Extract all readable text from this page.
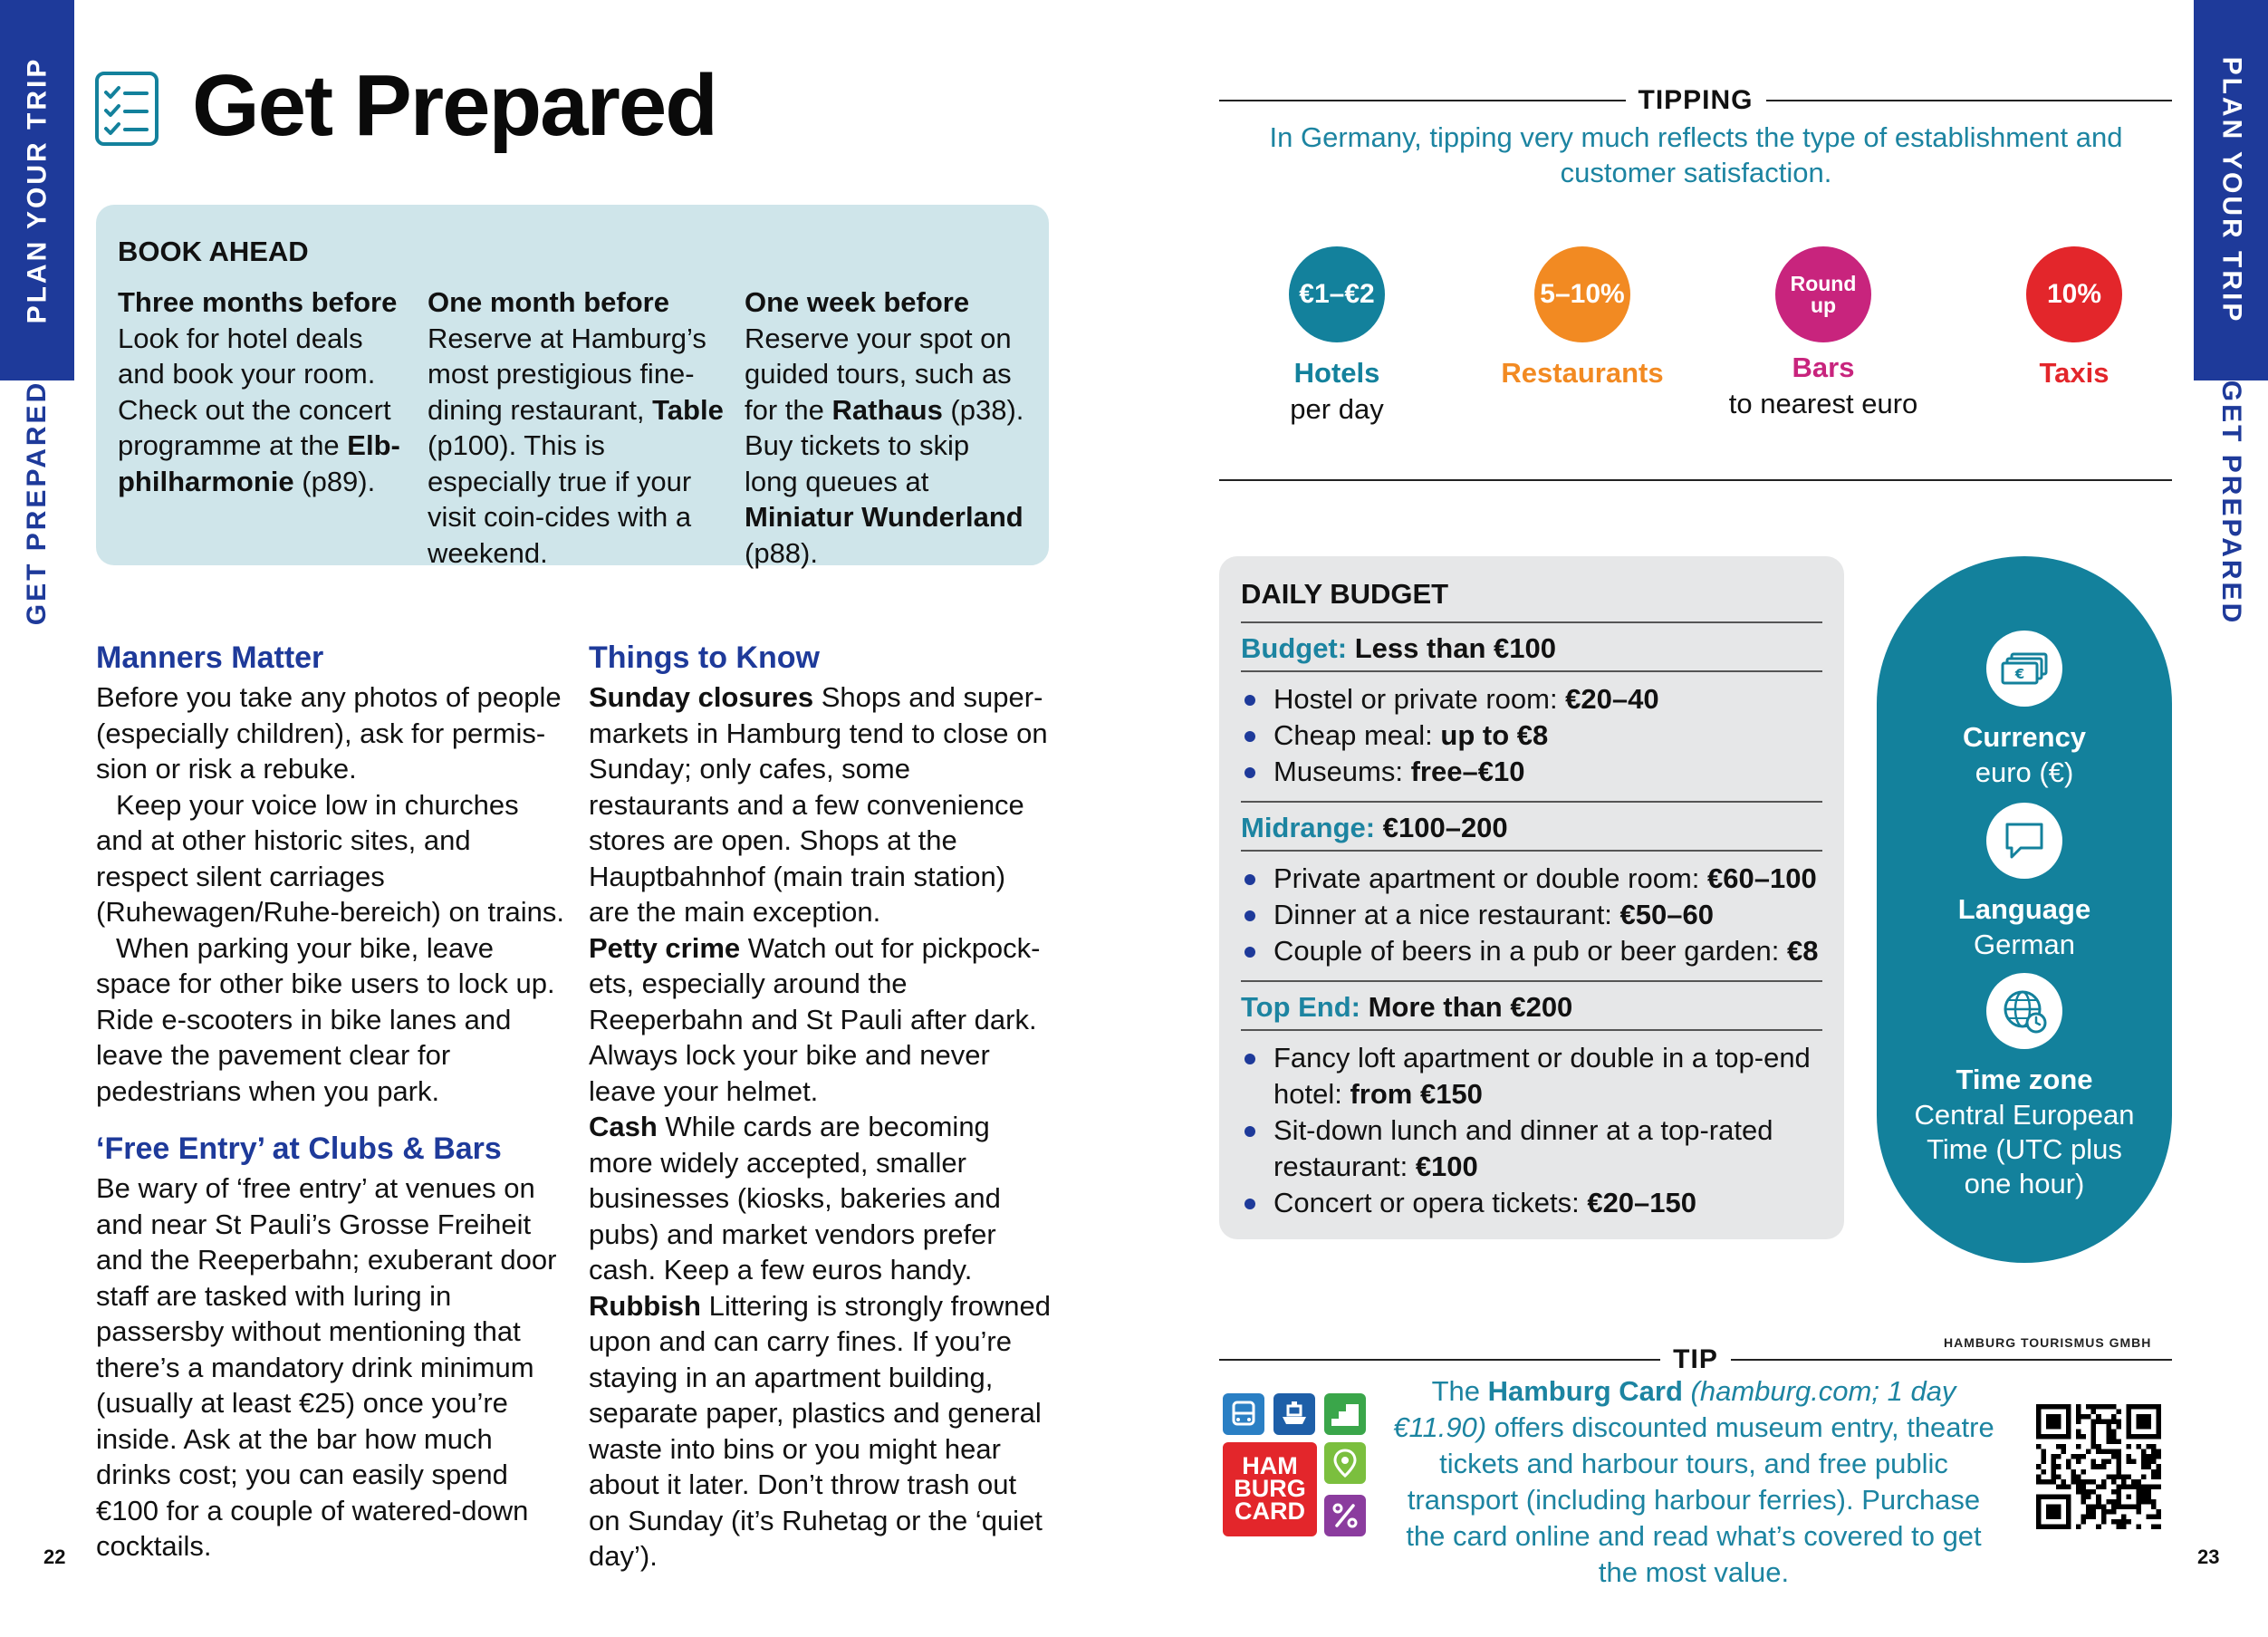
PLAN YOUR TRIP
GET PREPARED
PLAN YOUR TRIP
GET PREPARED
22	23
Get Prepared
BOOK AHEAD
Three months before
Look for hotel deals and book your room. Check out the concert programme at the Elb-philharmonie (p89).
One month before
Reserve at Hamburg’s most prestigious fine-dining restaurant, Table (p100). This is especially true if your visit coin-cides with a weekend.
One week before
Reserve your spot on guided tours, such as for the Rathaus (p38). Buy tickets to skip long queues at Miniatur Wunderland (p88).
Manners Matter

Before you take any photos of people (especially children), ask for permis-sion or risk a rebuke.

Keep your voice low in churches and at other historic sites, and respect silent carriages (Ruhewagen/Ruhe-bereich) on trains.

When parking your bike, leave space for other bike users to lock up. Ride e-scooters in bike lanes and leave the pavement clear for pedestrians when you park.

‘Free Entry’ at Clubs & Bars

Be wary of ‘free entry’ at venues on and near St Pauli’s Grosse Freiheit and the Reeperbahn; exuberant door staff are tasked with luring in passersby without mentioning that there’s a mandatory drink minimum (usually at least €25) once you’re inside. Ask at the bar how much drinks cost; you can easily spend €100 for a couple of watered-down cocktails.

Things to Know

Sunday closures Shops and super-markets in Hamburg tend to close on Sunday; only cafes, some restaurants and a few convenience stores are open. Shops at the Hauptbahnhof (main train station) are the main exception.

Petty crime Watch out for pickpock-ets, especially around the Reeperbahn and St Pauli after dark. Always lock your bike and never leave your helmet.

Cash While cards are becoming more widely accepted, smaller businesses (kiosks, bakeries and pubs) and market vendors prefer cash. Keep a few euros handy.

Rubbish Littering is strongly frowned upon and can carry fines. If you’re staying in an apartment building, separate paper, plastics and general waste into bins or you might hear about it later. Don’t throw trash out on Sunday (it’s Ruhetag or the ‘quiet day’).

TIPPING
In Germany, tipping very much reflects the type of establishment and customer satisfaction.
€1–€2
Hotels
per day
5–10%
Restaurants
Round up
Bars
to nearest euro
10%
Taxis
DAILY BUDGET
Budget: Less than €100
Hostel or private room: €20–40
Cheap meal: up to €8
Museums: free–€10
Midrange: €100–200
Private apartment or double room: €60–100
Dinner at a nice restaurant: €50–60
Couple of beers in a pub or beer garden: €8
Top End: More than €200
Fancy loft apartment or double in a top-end hotel: from €150
Sit-down lunch and dinner at a top-rated restaurant: €100
Concert or opera tickets: €20–150
€
Currency
euro (€)
Language
German
Time zone
Central European Time (UTC plus one hour)
HAMBURG TOURISMUS GMBH
TIP
HAM
BURG
CARD
The Hamburg Card (hamburg.com; 1 day €11.90) offers discounted museum entry, theatre tickets and harbour tours, and free public transport (including harbour ferries). Purchase the card online and read what’s covered to get the most value.
